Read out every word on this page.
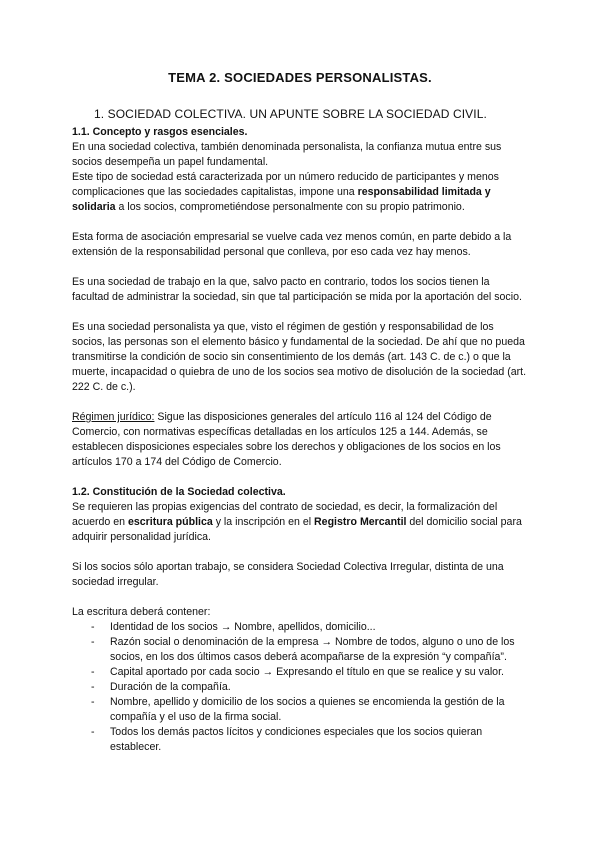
TEMA 2. SOCIEDADES PERSONALISTAS.
1. SOCIEDAD COLECTIVA. UN APUNTE SOBRE LA SOCIEDAD CIVIL.

1.1. Concepto y rasgos esenciales.

En una sociedad colectiva, también denominada personalista, la confianza mutua entre sus socios desempeña un papel fundamental.

Este tipo de sociedad está caracterizada por un número reducido de participantes y menos complicaciones que las sociedades capitalistas, impone una responsabilidad limitada y solidaria a los socios, comprometiéndose personalmente con su propio patrimonio.

Esta forma de asociación empresarial se vuelve cada vez menos común, en parte debido a la extensión de la responsabilidad personal que conlleva, por eso cada vez hay menos.

Es una sociedad de trabajo en la que, salvo pacto en contrario, todos los socios tienen la facultad de administrar la sociedad, sin que tal participación se mida por la aportación del socio.

Es una sociedad personalista ya que, visto el régimen de gestión y responsabilidad de los socios, las personas son el elemento básico y fundamental de la sociedad. De ahí que no pueda transmitirse la condición de socio sin consentimiento de los demás (art. 143 C. de c.) o que la muerte, incapacidad o quiebra de uno de los socios sea motivo de disolución de la sociedad (art. 222 C. de c.).

Régimen jurídico: Sigue las disposiciones generales del artículo 116 al 124 del Código de Comercio, con normativas específicas detalladas en los artículos 125 a 144. Además, se establecen disposiciones especiales sobre los derechos y obligaciones de los socios en los artículos 170 a 174 del Código de Comercio.

1.2. Constitución de la Sociedad colectiva.

Se requieren las propias exigencias del contrato de sociedad, es decir, la formalización del acuerdo en escritura pública y la inscripción en el Registro Mercantil del domicilio social para adquirir personalidad jurídica.

Si los socios sólo aportan trabajo, se considera Sociedad Colectiva Irregular, distinta de una sociedad irregular.

La escritura deberá contener:

- Identidad de los socios → Nombre, apellidos, domicilio...
- Razón social o denominación de la empresa → Nombre de todos, alguno o uno de los socios, en los dos últimos casos deberá acompañarse de la expresión “y compañía”.
- Capital aportado por cada socio → Expresando el título en que se realice y su valor.
- Duración de la compañía.
- Nombre, apellido y domicilio de los socios a quienes se encomienda la gestión de la compañía y el uso de la firma social.
- Todos los demás pactos lícitos y condiciones especiales que los socios quieran establecer.
